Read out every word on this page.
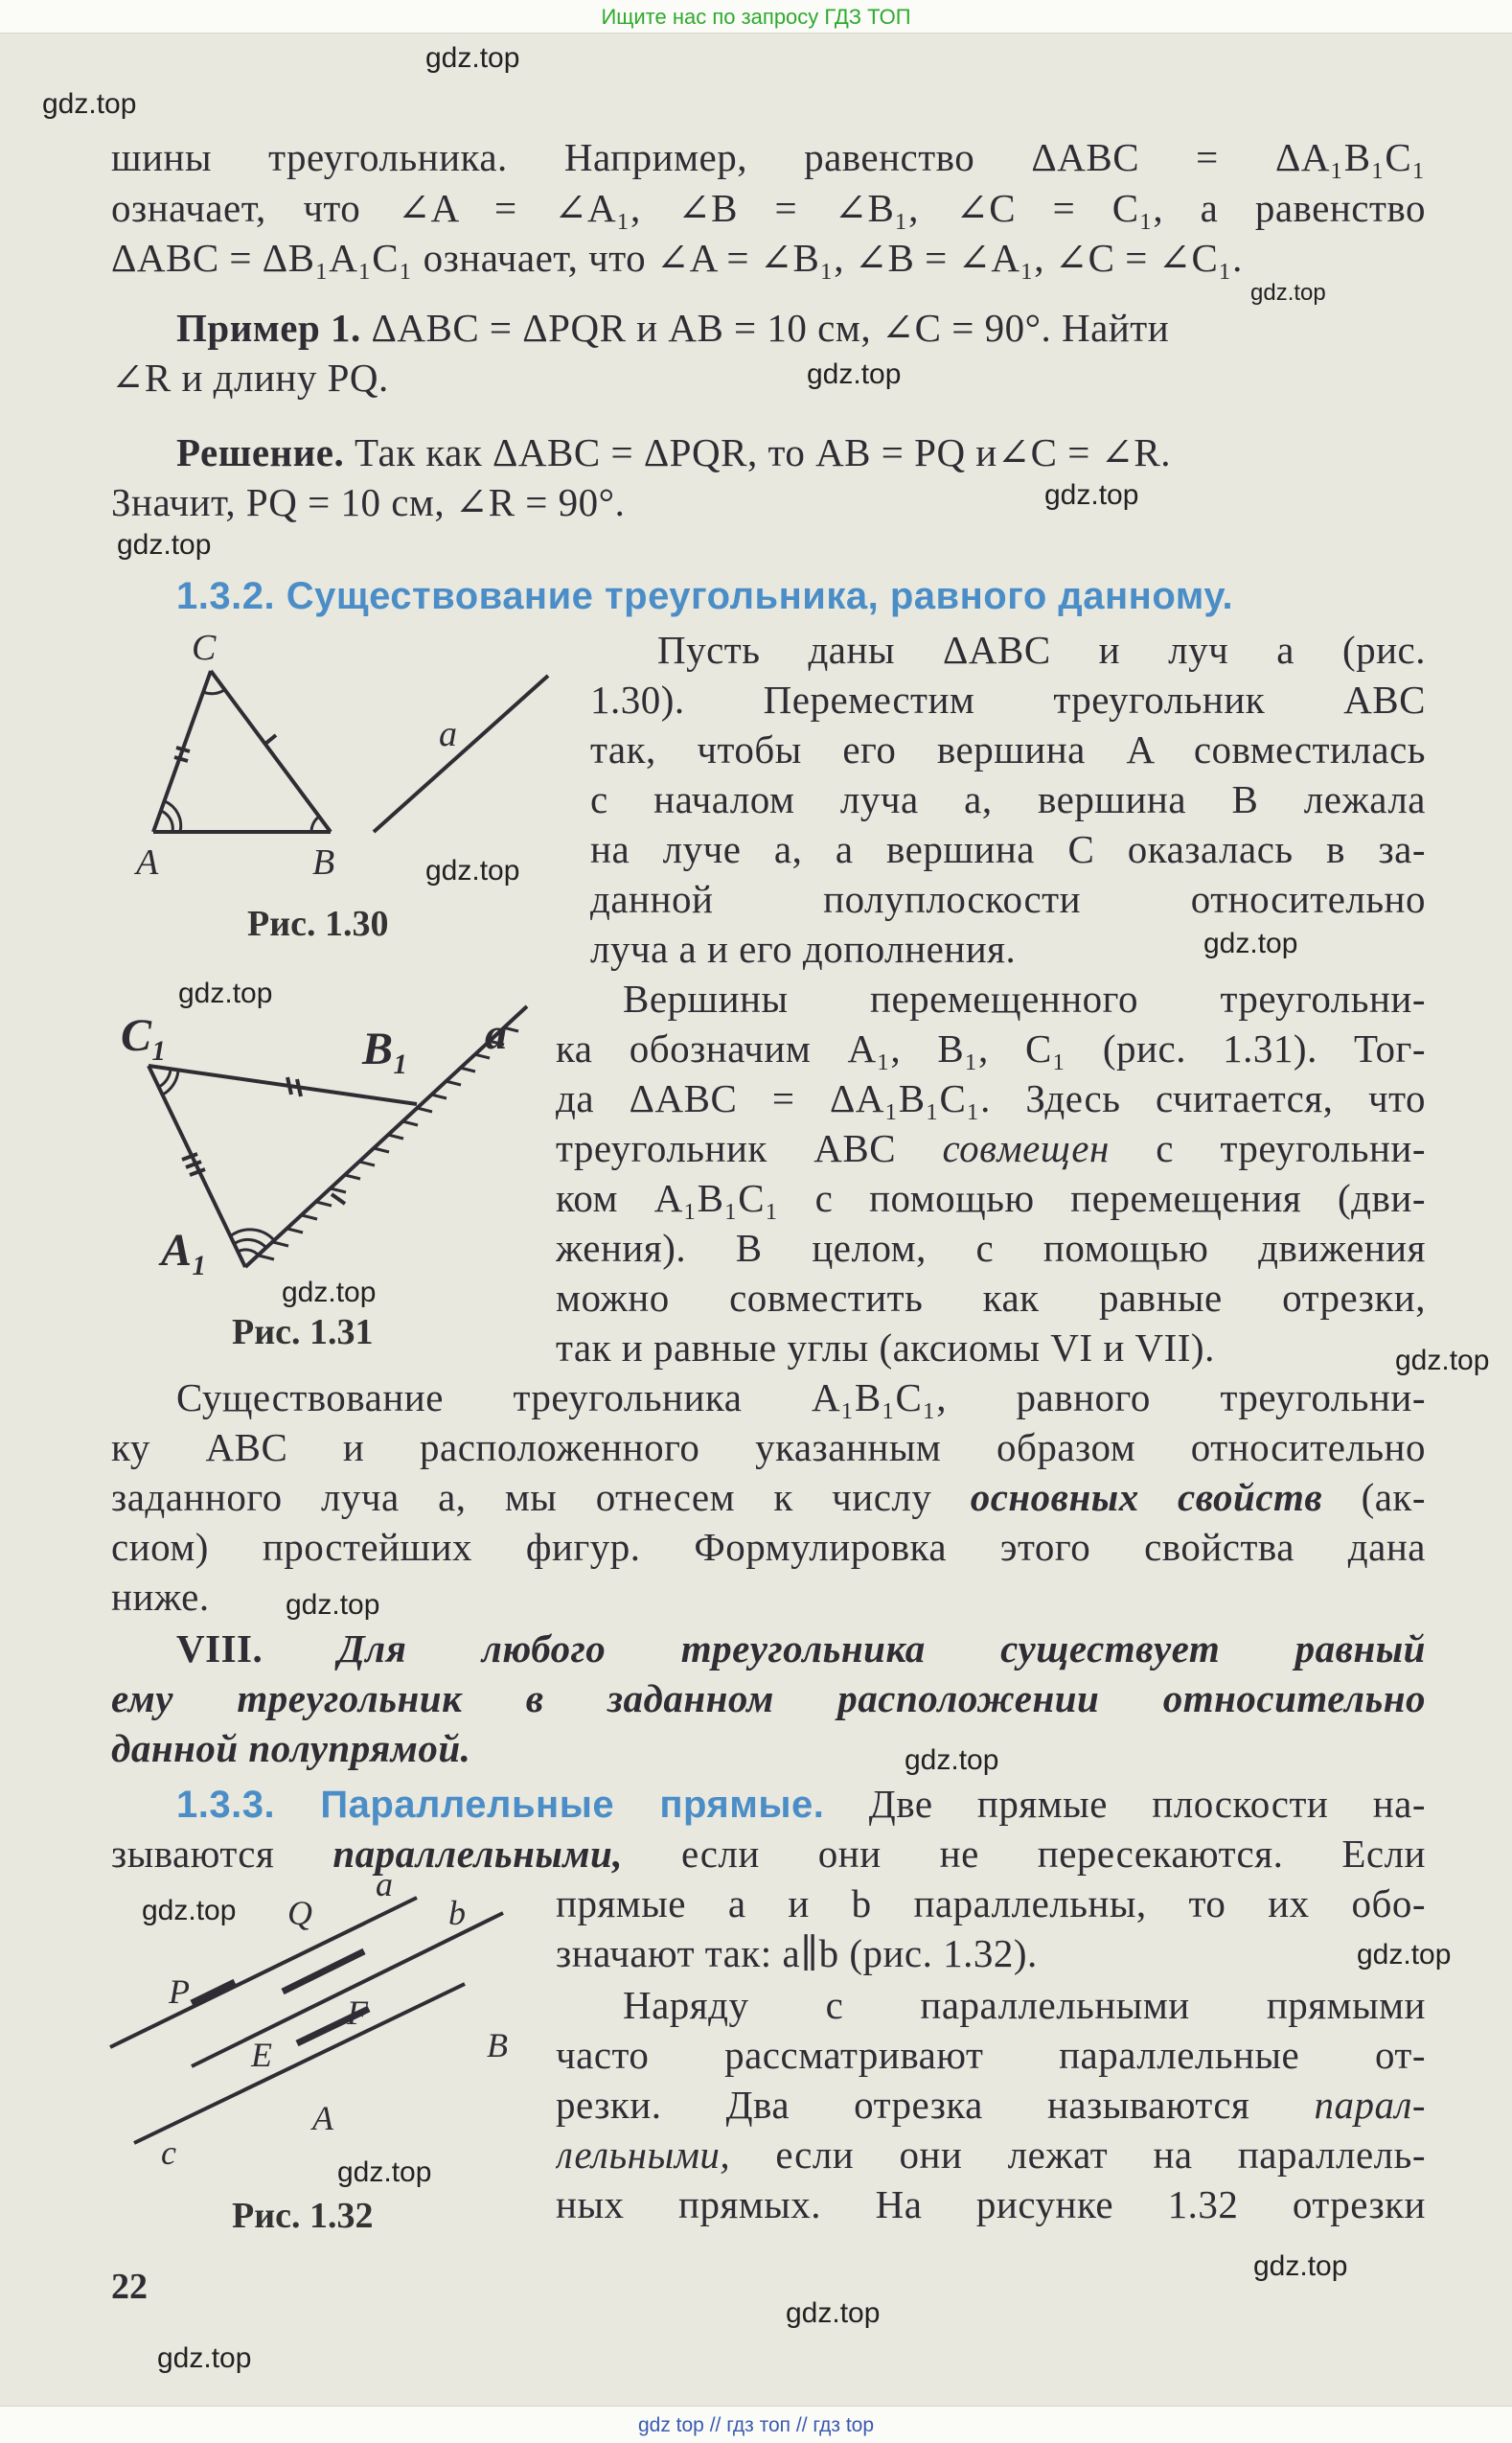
Ищите нас по запросу ГДЗ ТОП
gdz.top
gdz.top
gdz.top
gdz.top
gdz.top
gdz.top
gdz.top
gdz.top
gdz.top
gdz.top
gdz.top
gdz.top
gdz.top
gdz.top
gdz.top
gdz.top
gdz.top
gdz.top
gdz.top
шины треугольника. Например, равенство ΔABC = ΔA₁B₁C₁
означает, что ∠A = ∠A₁, ∠B = ∠B₁, ∠C = C₁, а равенство
ΔABC = ΔB₁A₁C₁ означает, что ∠A = ∠B₁, ∠B = ∠A₁, ∠C = ∠C₁.
Пример 1. ΔABC = ΔPQR и AB = 10 см, ∠C = 90°. Найти
∠R и длину PQ.
Решение. Так как ΔABC = ΔPQR, то AB = PQ и∠C = ∠R.
Значит, PQ = 10 см, ∠R = 90°.
1.3.2. Существование треугольника, равного данному.
Пусть даны ΔABC и луч a (рис.
1.30). Переместим треугольник ABC
так, чтобы его вершина A совместилась
с началом луча a, вершина B лежала
на луче a, а вершина C оказалась в за-
данной полуплоскости относительно
луча a и его дополнения.
C
A	B
a
Рис. 1.30
Вершины перемещенного треугольни-
ка обозначим A₁, B₁, C₁ (рис. 1.31). Тог-
да ΔABC = ΔA₁B₁C₁. Здесь считается, что
треугольник ABC совмещен с треугольни-
ком A₁B₁C₁ с помощью перемещения (дви-
жения). В целом, с помощью движения
можно совместить как равные отрезки,
так и равные углы (аксиомы VI и VII).
C₁	B₁
A₁
a
Рис. 1.31
Существование треугольника A₁B₁C₁, равного треугольни-
ку ABC и расположенного указанным образом относительно
заданного луча a, мы отнесем к числу основных свойств (ак-
сиом) простейших фигур. Формулировка этого свойства дана
ниже.
VIII. Для любого треугольника существует равный
ему треугольник в заданном расположении относительно
данной полупрямой.
1.3.3. Параллельные прямые. Две прямые плоскости на-
зываются параллельными, если они не пересекаются. Если
прямые a и b параллельны, то их обо-
значают так: a∥b (рис. 1.32).
Наряду с параллельными прямыми
часто рассматривают параллельные от-
резки. Два отрезка называются парал-
лельными, если они лежат на параллель-
ных прямых. На рисунке 1.32 отрезки
Q
a
b
P
F
E	B
A
c
Рис. 1.32
22
gdz top // гдз топ // гдз top
